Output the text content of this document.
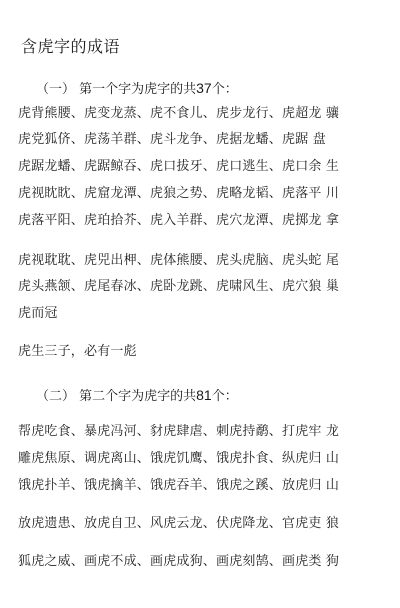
含虎字的成语
（一） 第一个字为虎字的共37个：
虎背熊腰、虎变龙蒸、虎不食儿、虎步龙行、虎超龙 骧
虎党狐侪、虎荡羊群、虎斗龙争、虎据龙蟠、虎踞 盘
虎踞龙蟠、虎踞鲸吞、虎口拔牙、虎口逃生、虎口余 生
虎视眈眈、虎窟龙潭、虎狼之势、虎略龙韬、虎落平 川
虎落平阳、虎珀拾芥、虎入羊群、虎穴龙潭、虎掷龙 拿
虎视耽耽、虎兕出柙、虎体熊腰、虎头虎脑、虎头蛇 尾
虎头燕颔、虎尾春冰、虎卧龙跳、虎啸风生、虎穴狼 巢
虎而冠
虎生三子，必有一彪
（二） 第二个字为虎字的共81个：
帮虎吃食、暴虎冯河、豺虎肆虐、刺虎持鹬、打虎牢 龙
雕虎焦原、调虎离山、饿虎饥鹰、饿虎扑食、纵虎归 山
饿虎扑羊、饿虎擒羊、饿虎吞羊、饿虎之蹊、放虎归 山
放虎遗患、放虎自卫、风虎云龙、伏虎降龙、官虎吏 狼
狐虎之威、画虎不成、画虎成狗、画虎刻鹄、画虎类 狗
